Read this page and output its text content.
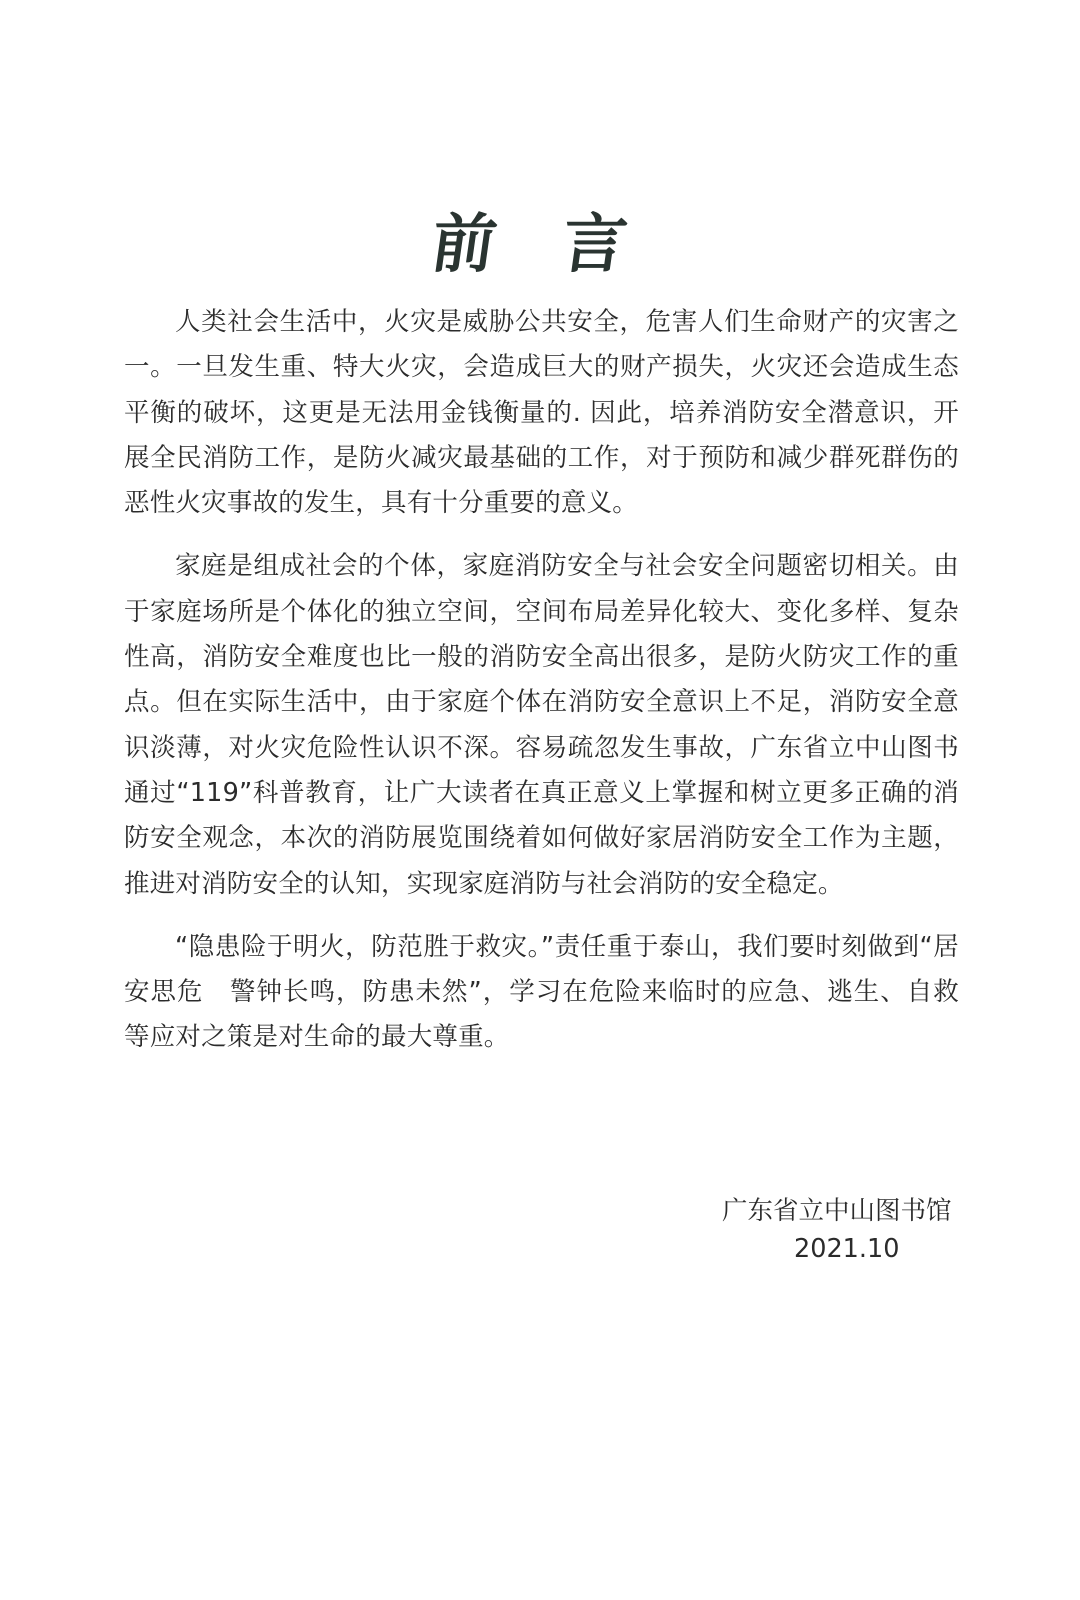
前 言

人类社会生活中，火灾是威胁公共安全，危害人们生命财产的灾害之一。一旦发生重、特大火灾，会造成巨大的财产损失，火灾还会造成生态平衡的破坏，这更是无法用金钱衡量的. 因此，培养消防安全潜意识，开展全民消防工作，是防火减灾最基础的工作，对于预防和减少群死群伤的恶性火灾事故的发生，具有十分重要的意义。

家庭是组成社会的个体，家庭消防安全与社会安全问题密切相关。由于家庭场所是个体化的独立空间，空间布局差异化较大、变化多样、复杂性高，消防安全难度也比一般的消防安全高出很多，是防火防灾工作的重点。但在实际生活中，由于家庭个体在消防安全意识上不足，消防安全意识淡薄，对火灾危险性认识不深。容易疏忽发生事故，广东省立中山图书通过“119”科普教育，让广大读者在真正意义上掌握和树立更多正确的消防安全观念，本次的消防展览围绕着如何做好家居消防安全工作为主题，推进对消防安全的认知，实现家庭消防与社会消防的安全稳定。

“隐患险于明火，防范胜于救灾。”责任重于泰山，我们要时刻做到“居安思危　警钟长鸣，防患未然”，学习在危险来临时的应急、逃生、自救等应对之策是对生命的最大尊重。

广东省立中山图书馆
2021.10
